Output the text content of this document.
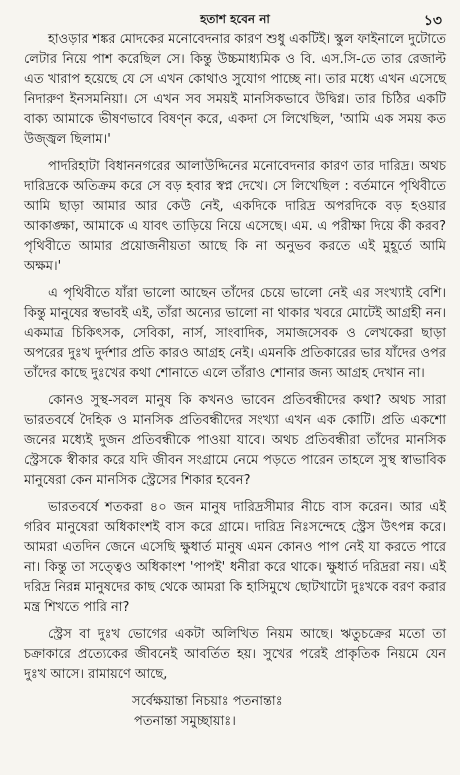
হতাশ হবেন না	১৩

হাওড়ার শঙ্কর মোদকের মনোবেদনার কারণ শুধু একটিই। স্কুল ফাইনালে দুটোতে লেটার নিয়ে পাশ করেছিল সে। কিন্তু উচ্চমাধ্যমিক ও বি. এস.সি-তে তার রেজাল্ট এত খারাপ হয়েছে যে সে এখন কোথাও সুযোগ পাচ্ছে না। তার মধ্যে এখন এসেছে নিদারুণ ইনসমনিয়া। সে এখন সব সময়ই মানসিকভাবে উদ্বিগ্ন। তার চিঠির একটি বাক্য আমাকে ভীষণভাবে বিষণ্ন করে, একদা সে লিখেছিল, 'আমি এক সময় কত উজ্জ্বল ছিলাম।'

পাদরিহাটা বিধাননগরের আলাউদ্দিনের মনোবেদনার কারণ তার দারিদ্র। অথচ দারিদ্রকে অতিক্রম করে সে বড় হবার স্বপ্ন দেখে। সে লিখেছিল : বর্তমানে পৃথিবীতে আমি ছাড়া আমার আর কেউ নেই, একদিকে দারিদ্র অপরদিকে বড় হওয়ার আকাঙ্ক্ষা, আমাকে এ যাবৎ তাড়িয়ে নিয়ে এসেছে। এম. এ পরীক্ষা দিয়ে কী করব? পৃথিবীতে আমার প্রয়োজনীয়তা আছে কি না অনুভব করতে এই মুহূর্তে আমি অক্ষম।'

এ পৃথিবীতে যাঁরা ভালো আছেন তাঁদের চেয়ে ভালো নেই এর সংখ্যাই বেশি। কিন্তু মানুষের স্বভাবই এই, তাঁরা অন্যের ভালো না থাকার খবরে মোটেই আগ্রহী নন। একমাত্র চিকিৎসক, সেবিকা, নার্স, সাংবাদিক, সমাজসেবক ও লেখকেরা ছাড়া অপরের দুঃখ দুর্দশার প্রতি কারও আগ্রহ নেই। এমনকি প্রতিকারের ভার যাঁদের ওপর তাঁদের কাছে দুঃখের কথা শোনাতে এলে তাঁরাও শোনার জন্য আগ্রহ দেখান না।

কোনও সুস্থ-সবল মানুষ কি কখনও ভাবেন প্রতিবন্ধীদের কথা? অথচ সারা ভারতবর্ষে দৈহিক ও মানসিক প্রতিবন্ধীদের সংখ্যা এখন এক কোটি। প্রতি একশো জনের মধ্যেই দুজন প্রতিবন্ধীকে পাওয়া যাবে। অথচ প্রতিবন্ধীরা তাঁদের মানসিক স্ট্রেসকে স্বীকার করে যদি জীবন সংগ্রামে নেমে পড়তে পারেন তাহলে সুস্থ স্বাভাবিক মানুষেরা কেন মানসিক স্ট্রেসের শিকার হবেন?

ভারতবর্ষে শতকরা ৪০ জন মানুষ দারিদ্রসীমার নীচে বাস করেন। আর এই গরিব মানুষেরা অধিকাংশই বাস করে গ্রামে। দারিদ্র নিঃসন্দেহে স্ট্রেস উৎপন্ন করে। আমরা এতদিন জেনে এসেছি ক্ষুধার্ত মানুষ এমন কোনও পাপ নেই যা করতে পারে না। কিন্তু তা সত্ত্বেও অধিকাংশ 'পাপই' ধনীরা করে থাকে। ক্ষুধার্ত দরিদ্ররা নয়। এই দরিদ্র নিরন্ন মানুষদের কাছ থেকে আমরা কি হাসিমুখে ছোটখাটো দুঃখকে বরণ করার মন্ত্র শিখতে পারি না?

স্ট্রেস বা দুঃখ ভোগের একটা অলিখিত নিয়ম আছে। ঋতুচক্রের মতো তা চক্রাকারে প্রত্যেকের জীবনেই আবর্তিত হয়। সুখের পরেই প্রাকৃতিক নিয়মে যেন দুঃখ আসে। রামায়ণে আছে,

সর্বেক্ষয়ান্তা নিচয়াঃ পতনান্তাঃ
পতনান্তা সমুচ্ছায়াঃ।
